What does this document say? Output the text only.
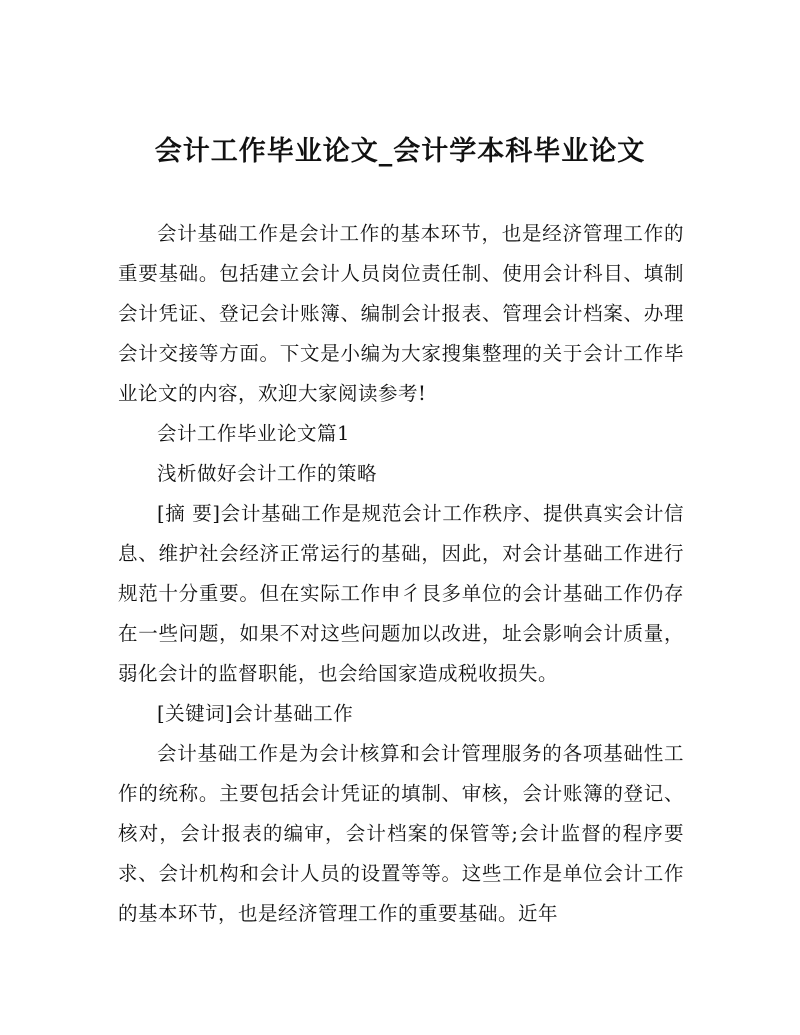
会计工作毕业论文_会计学本科毕业论文

会计基础工作是会计工作的基本环节，也是经济管理工作的重要基础。包括建立会计人员岗位责任制、使用会计科目、填制会计凭证、登记会计账簿、编制会计报表、管理会计档案、办理会计交接等方面。下文是小编为大家搜集整理的关于会计工作毕业论文的内容，欢迎大家阅读参考!

会计工作毕业论文篇1

浅析做好会计工作的策略

[摘 要]会计基础工作是规范会计工作秩序、提供真实会计信息、维护社会经济正常运行的基础，因此，对会计基础工作进行规范十分重要。但在实际工作申彳艮多单位的会计基础工作仍存在一些问题，如果不对这些问题加以改进，址会影响会计质量，弱化会计的监督职能，也会给国家造成税收损失。

[关键词]会计基础工作

会计基础工作是为会计核算和会计管理服务的各项基础性工作的统称。主要包括会计凭证的填制、审核，会计账簿的登记、核对，会计报表的编审，会计档案的保管等;会计监督的程序要求、会计机构和会计人员的设置等等。这些工作是单位会计工作的基本环节，也是经济管理工作的重要基础。近年
